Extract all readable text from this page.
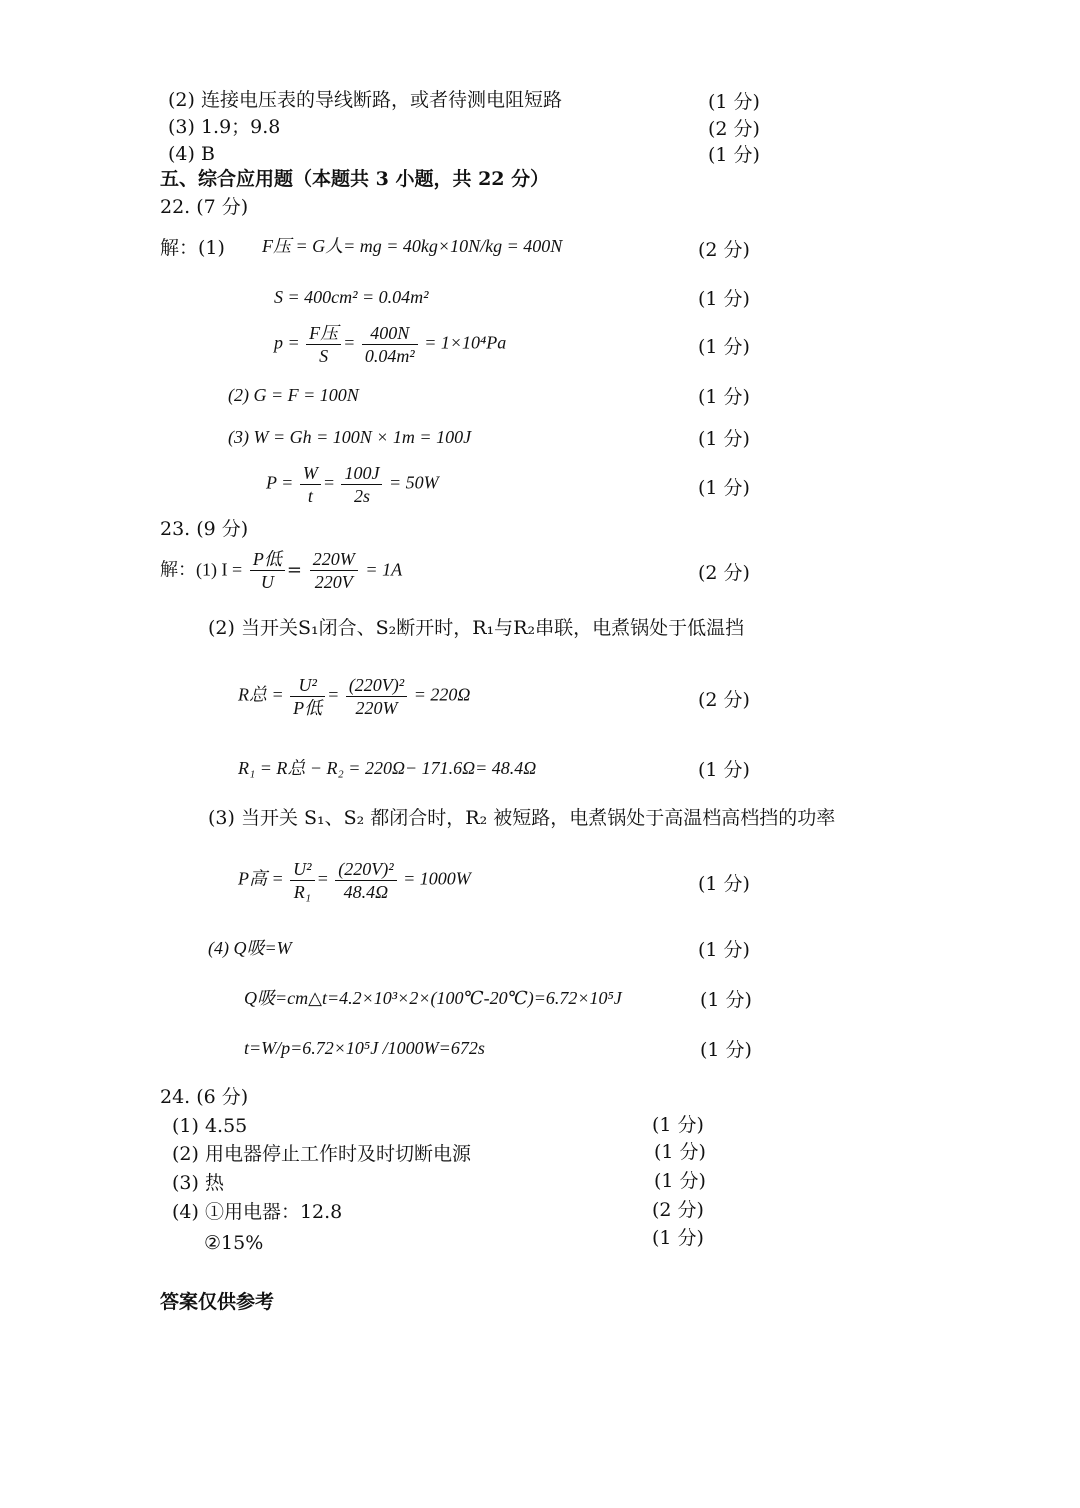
(2) 连接电压表的导线断路，或者待测电阻短路	(1 分)
(3) 1.9；9.8	(2 分)
(4) B	(1 分)
五、综合应用题（本题共 3 小题，共 22 分）
22. (7 分)
解：(1) F压 = G人= mg = 40kg×10N/kg = 400N	(2 分)
S = 400cm² = 0.04m²	(1 分)
$p = \frac{\text{F压}}{S} = \frac{400N}{\text{0.04m²}} = 1\times 10^4Pa$	(1 分)
(2) G = F = 100N	(1 分)
(3) W = Gh = 100N × 1m = 100J	(1 分)
$P = \frac{W}{t} = \frac{100J}{2s} = 50W$	(1 分)
23. (9 分)
解：(1) $I = \frac{\text{P低}}{U} = \frac{220W}{220V} = 1A$	(2 分)
(2) 当开关S₁闭合、S₂断开时，R₁与R₂串联，电煮锅处于低温挡
R总 = $\frac{\text{U²}}{\text{P低}} = \frac{\text{(220V)²}}{220W} = 220\Omega$	(2 分)
R₁ = R总 − R₂ = 220Ω− 171.6Ω= 48.4Ω	(1 分)
(3) 当开关 S₁、S₂ 都闭合时，R₂ 被短路，电煮锅处于高温档高档挡的功率
P高 = $\frac{\text{U²}}{\text{R₁}} = \frac{\text{(220V)²}}{48.4\Omega} = 1000W$	(1 分)
(4) Q吸=W	(1 分)
Q吸=cm△t=4.2×10³×2×(100℃-20℃)=6.72×10⁵J	(1 分)
t=W/p=6.72×10⁵J /1000W=672s	(1 分)
24. (6 分)
(1) 4.55	(1 分)
(2) 用电器停止工作时及时切断电源	(1 分)
(3) 热	(1 分)
(4) ①用电器：12.8	(2 分)
②15%	(1 分)
答案仅供参考
